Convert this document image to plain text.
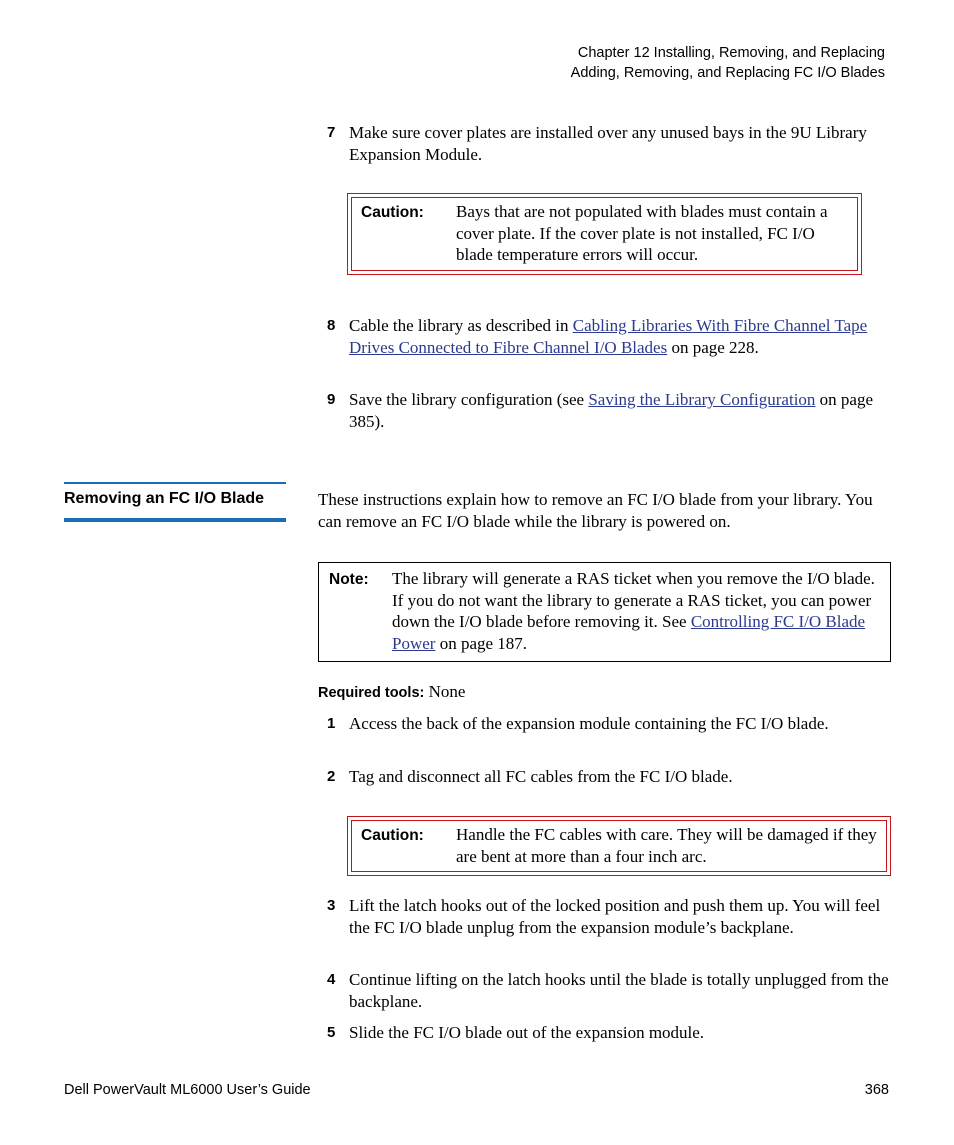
Chapter 12 Installing, Removing, and Replacing
Adding, Removing, and Replacing FC I/O Blades
7 Make sure cover plates are installed over any unused bays in the 9U Library Expansion Module.
Caution: Bays that are not populated with blades must contain a cover plate. If the cover plate is not installed, FC I/O blade temperature errors will occur.
8 Cable the library as described in Cabling Libraries With Fibre Channel Tape Drives Connected to Fibre Channel I/O Blades on page 228.
9 Save the library configuration (see Saving the Library Configuration on page 385).
Removing an FC I/O Blade	These instructions explain how to remove an FC I/O blade from your library. You can remove an FC I/O blade while the library is powered on.
Note: The library will generate a RAS ticket when you remove the I/O blade. If you do not want the library to generate a RAS ticket, you can power down the I/O blade before removing it. See Controlling FC I/O Blade Power on page 187.
Required tools: None
1 Access the back of the expansion module containing the FC I/O blade.
2 Tag and disconnect all FC cables from the FC I/O blade.
Caution: Handle the FC cables with care. They will be damaged if they are bent at more than a four inch arc.
3 Lift the latch hooks out of the locked position and push them up. You will feel the FC I/O blade unplug from the expansion module’s backplane.
4 Continue lifting on the latch hooks until the blade is totally unplugged from the backplane.
5 Slide the FC I/O blade out of the expansion module.
Dell PowerVault ML6000 User’s Guide	368
